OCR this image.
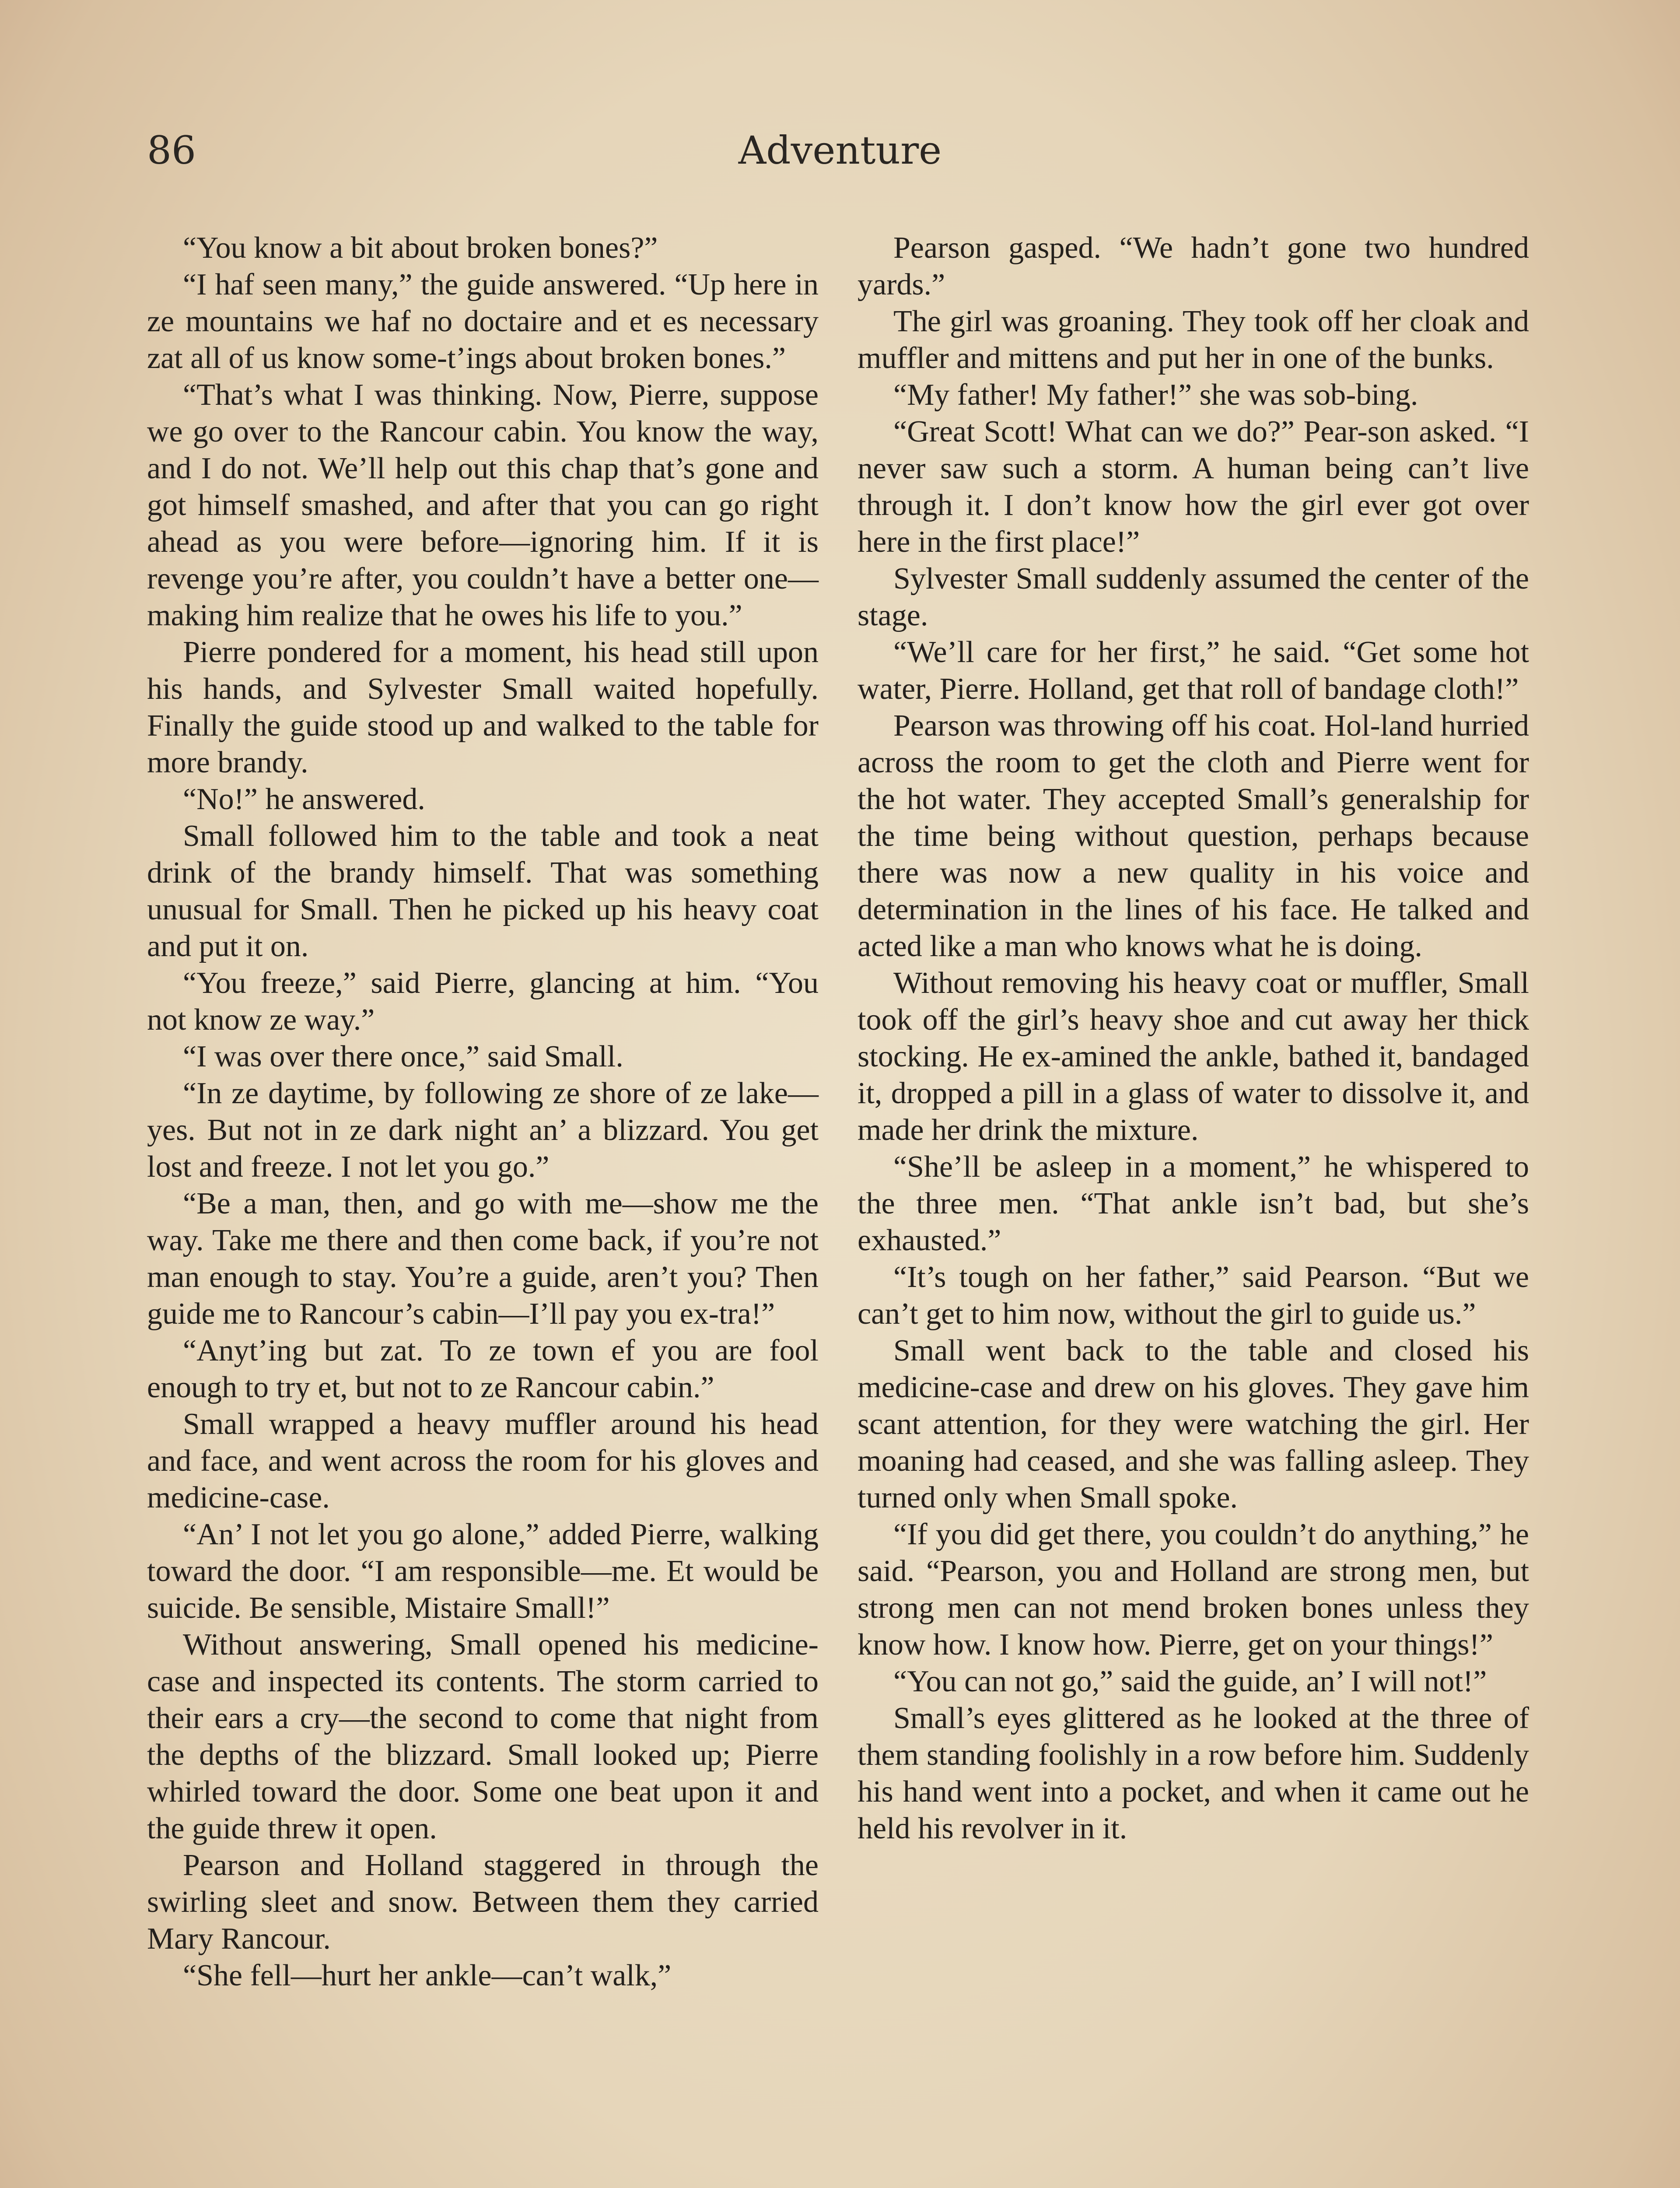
86	Adventure

“You know a bit about broken bones?”

“I haf seen many,” the guide answered. “Up here in ze mountains we haf no doctaire and et es necessary zat all of us know some-t’ings about broken bones.”

“That’s what I was thinking. Now, Pierre, suppose we go over to the Rancour cabin. You know the way, and I do not. We’ll help out this chap that’s gone and got himself smashed, and after that you can go right ahead as you were before—ignoring him. If it is revenge you’re after, you couldn’t have a better one—making him realize that he owes his life to you.”

Pierre pondered for a moment, his head still upon his hands, and Sylvester Small waited hopefully. Finally the guide stood up and walked to the table for more brandy.

“No!” he answered.

Small followed him to the table and took a neat drink of the brandy himself. That was something unusual for Small. Then he picked up his heavy coat and put it on.

“You freeze,” said Pierre, glancing at him. “You not know ze way.”

“I was over there once,” said Small.

“In ze daytime, by following ze shore of ze lake—yes. But not in ze dark night an’ a blizzard. You get lost and freeze. I not let you go.”

“Be a man, then, and go with me—show me the way. Take me there and then come back, if you’re not man enough to stay. You’re a guide, aren’t you? Then guide me to Rancour’s cabin—I’ll pay you ex-tra!”

“Anyt’ing but zat. To ze town ef you are fool enough to try et, but not to ze Rancour cabin.”

Small wrapped a heavy muffler around his head and face, and went across the room for his gloves and medicine-case.

“An’ I not let you go alone,” added Pierre, walking toward the door. “I am responsible—me. Et would be suicide. Be sensible, Mistaire Small!”

Without answering, Small opened his medicine-case and inspected its contents. The storm carried to their ears a cry—the second to come that night from the depths of the blizzard. Small looked up; Pierre whirled toward the door. Some one beat upon it and the guide threw it open.

Pearson and Holland staggered in through the swirling sleet and snow. Between them they carried Mary Rancour.

“She fell—hurt her ankle—can’t walk,”

Pearson gasped. “We hadn’t gone two hundred yards.”

The girl was groaning. They took off her cloak and muffler and mittens and put her in one of the bunks.

“My father! My father!” she was sob-bing.

“Great Scott! What can we do?” Pear-son asked. “I never saw such a storm. A human being can’t live through it. I don’t know how the girl ever got over here in the first place!”

Sylvester Small suddenly assumed the center of the stage.

“We’ll care for her first,” he said. “Get some hot water, Pierre. Holland, get that roll of bandage cloth!”

Pearson was throwing off his coat. Hol-land hurried across the room to get the cloth and Pierre went for the hot water. They accepted Small’s generalship for the time being without question, perhaps because there was now a new quality in his voice and determination in the lines of his face. He talked and acted like a man who knows what he is doing.

Without removing his heavy coat or muffler, Small took off the girl’s heavy shoe and cut away her thick stocking. He ex-amined the ankle, bathed it, bandaged it, dropped a pill in a glass of water to dissolve it, and made her drink the mixture.

“She’ll be asleep in a moment,” he whispered to the three men. “That ankle isn’t bad, but she’s exhausted.”

“It’s tough on her father,” said Pearson. “But we can’t get to him now, without the girl to guide us.”

Small went back to the table and closed his medicine-case and drew on his gloves. They gave him scant attention, for they were watching the girl. Her moaning had ceased, and she was falling asleep. They turned only when Small spoke.

“If you did get there, you couldn’t do anything,” he said. “Pearson, you and Holland are strong men, but strong men can not mend broken bones unless they know how. I know how. Pierre, get on your things!”

“You can not go,” said the guide, an’ I will not!”

Small’s eyes glittered as he looked at the three of them standing foolishly in a row before him. Suddenly his hand went into a pocket, and when it came out he held his revolver in it.
